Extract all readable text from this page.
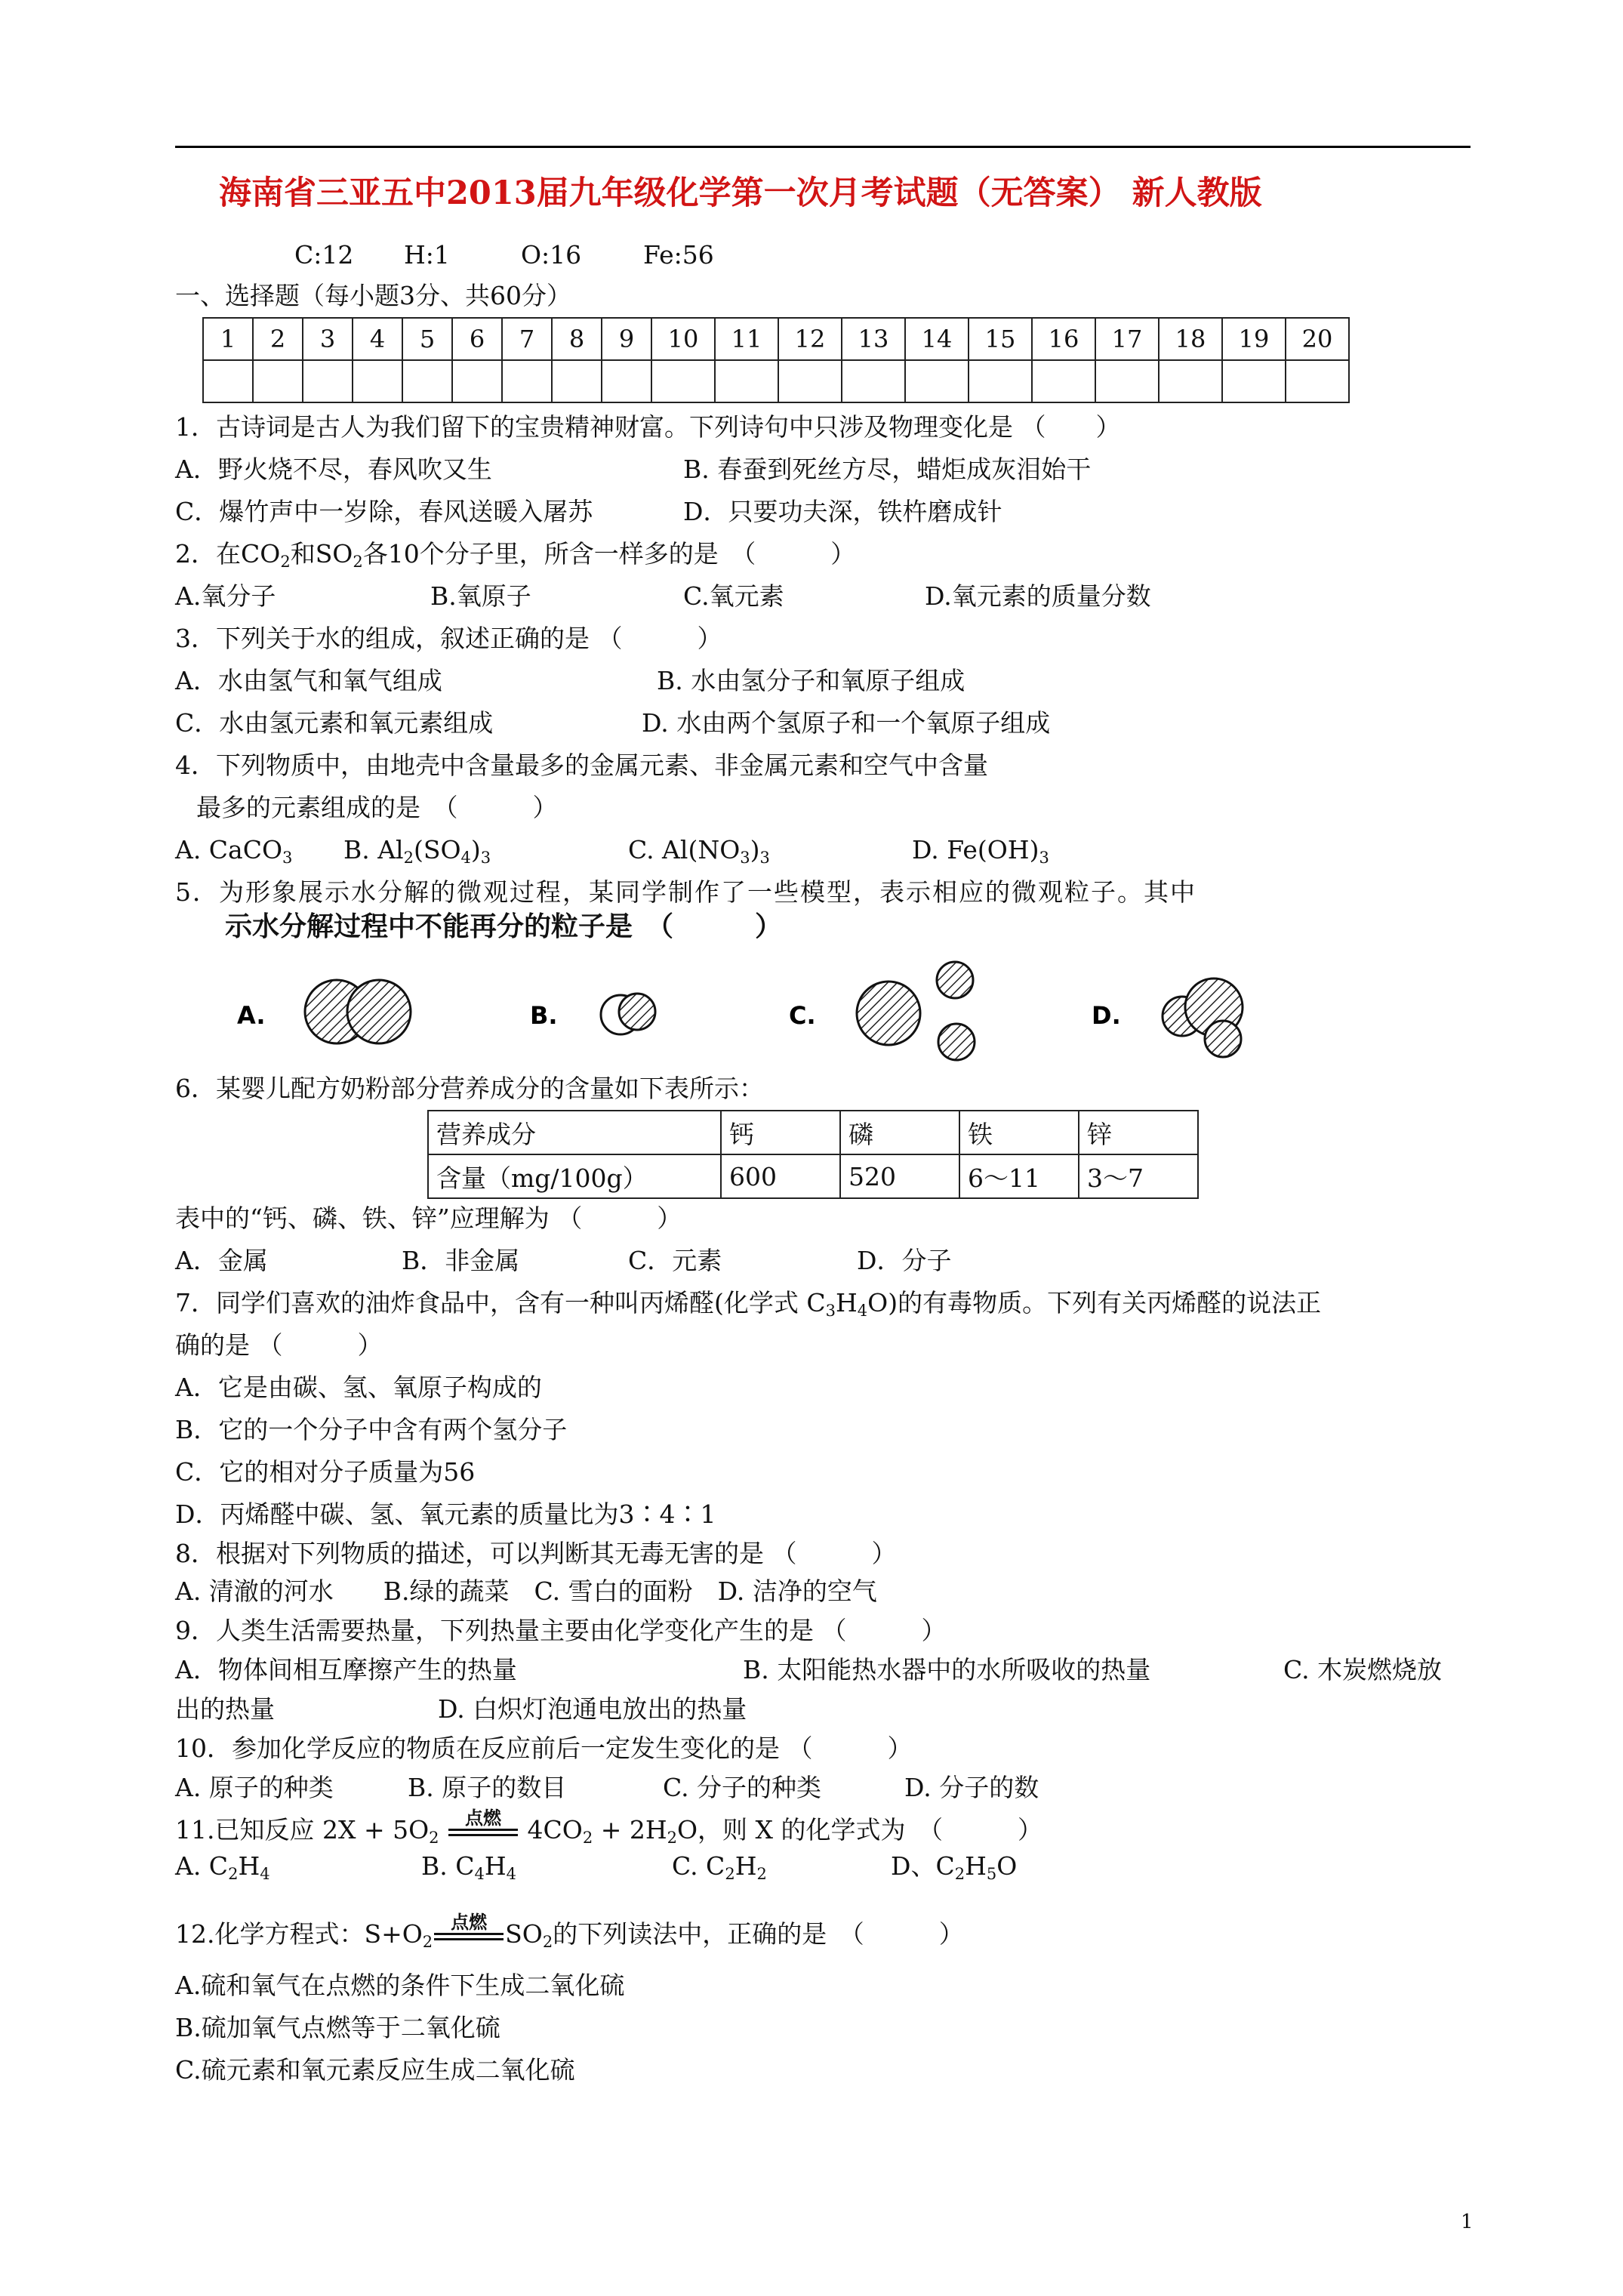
海南省三亚五中2013届九年级化学第一次月考试题（无答案） 新人教版
C:12 H:1	O:16 Fe:56
一、选择题（每小题3分、共60分）
1	2	3	4	5	6	7	8	9	10	11	12	13	14	15	16	17	18	19	20

1．古诗词是古人为我们留下的宝贵精神财富。下列诗句中只涉及物理变化是 （　　）
A．野火烧不尽，春风吹又生	B. 春蚕到死丝方尽，蜡炬成灰泪始干
C．爆竹声中一岁除，春风送暖入屠苏	D．只要功夫深，铁杵磨成针
2．在$CO_2$和$SO_2$各10个分子里，所含一样多的是　（　　　）
A.氧分子	B.氧原子	C.氧元素	D.氧元素的质量分数
3．下列关于水的组成，叙述正确的是 （　　　）
A．水由氢气和氧气组成	B. 水由氢分子和氧原子组成
C．水由氢元素和氧元素组成	D. 水由两个氢原子和一个氧原子组成
4．下列物质中，由地壳中含量最多的金属元素、非金属元素和空气中含量
最多的元素组成的是　（　　　）
A. CaCO$_3$ B. $Al_2(SO_4)_3$	C. $Al(NO_3)_3$	D. $Fe(OH)_3$
5．为形象展示水分解的微观过程，某同学制作了一些模型，表示相应的微观粒子。其中
示水分解过程中不能再分的粒子是　（　　　）
A.	B.	C.	D.
6．某婴儿配方奶粉部分营养成分的含量如下表所示：
营养成分	钙	磷	铁	锌
含量（mg/100g）	600	520	6～11	3～7
表中的“钙、磷、铁、锌”应理解为 （　　　）
A．金属	B．非金属	C．元素	D．分子
7．同学们喜欢的油炸食品中，含有一种叫丙烯醛(化学式 $C_3H_4O$)的有毒物质。下列有关丙烯醛的说法正
确的是 （　　　）
A．它是由碳、氢、氧原子构成的
B．它的一个分子中含有两个氢分子
C．它的相对分子质量为56
D．丙烯醛中碳、氢、氧元素的质量比为3∶4∶1
8．根据对下列物质的描述，可以判断其无毒无害的是 （　　　）
A. 清澈的河水　　B.绿的蔬菜　C. 雪白的面粉　D. 洁净的空气
9．人类生活需要热量，下列热量主要由化学变化产生的是 （　　　）
A．物体间相互摩擦产生的热量	B. 太阳能热水器中的水所吸收的热量	C. 木炭燃烧放
出的热量	D. 白炽灯泡通电放出的热量
10．参加化学反应的物质在反应前后一定发生变化的是 （　　　）
A. 原子的种类	B. 原子的数目	C. 分子的种类	D. 分子的数
11.已知反应 $2X + 5O_2$
点燃	$4CO_2 + 2H_2O$，则 X 的化学式为　（　　　）
A. $C_2H_4$	B. $C_4H_4$	C. $C_2H_2$	D、$C_2H_5O$
12.化学方程式：$S+O_2$
点燃 $SO_2$的下列读法中，正确的是　（　　　）
A.硫和氧气在点燃的条件下生成二氧化硫
B.硫加氧气点燃等于二氧化硫
C.硫元素和氧元素反应生成二氧化硫
1
